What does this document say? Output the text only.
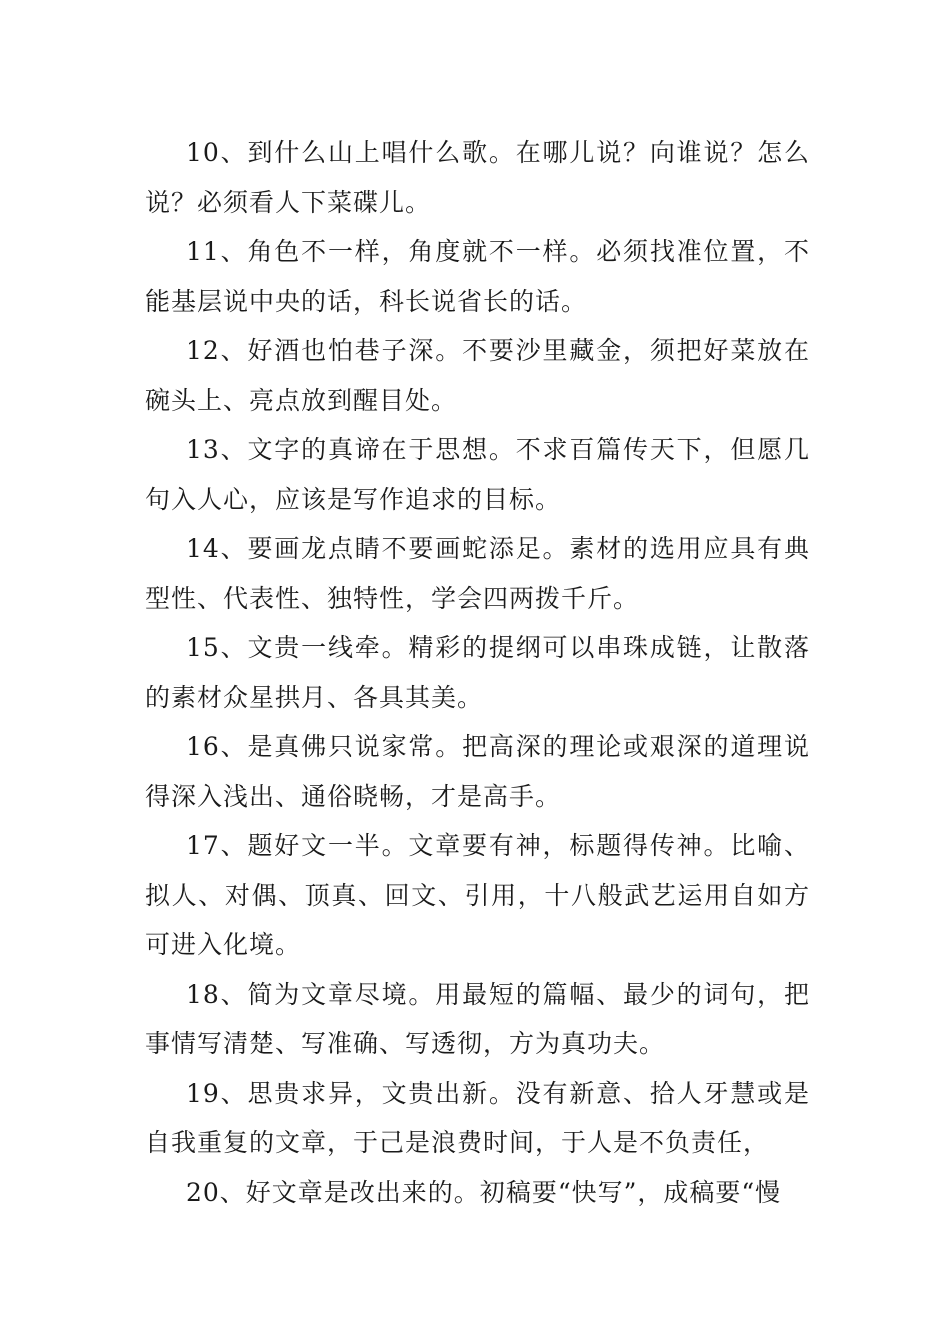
10、到什么山上唱什么歌。在哪儿说？向谁说？怎么说？必须看人下菜碟儿。

11、角色不一样，角度就不一样。必须找准位置，不能基层说中央的话，科长说省长的话。

12、好酒也怕巷子深。不要沙里藏金，须把好菜放在碗头上、亮点放到醒目处。

13、文字的真谛在于思想。不求百篇传天下，但愿几句入人心，应该是写作追求的目标。

14、要画龙点睛不要画蛇添足。素材的选用应具有典型性、代表性、独特性，学会四两拨千斤。

15、文贵一线牵。精彩的提纲可以串珠成链，让散落的素材众星拱月、各具其美。

16、是真佛只说家常。把高深的理论或艰深的道理说得深入浅出、通俗晓畅，才是高手。

17、题好文一半。文章要有神，标题得传神。比喻、拟人、对偶、顶真、回文、引用，十八般武艺运用自如方可进入化境。

18、简为文章尽境。用最短的篇幅、最少的词句，把事情写清楚、写准确、写透彻，方为真功夫。

19、思贵求异，文贵出新。没有新意、拾人牙慧或是自我重复的文章，于己是浪费时间，于人是不负责任，

20、好文章是改出来的。初稿要“快写”，成稿要“慢
